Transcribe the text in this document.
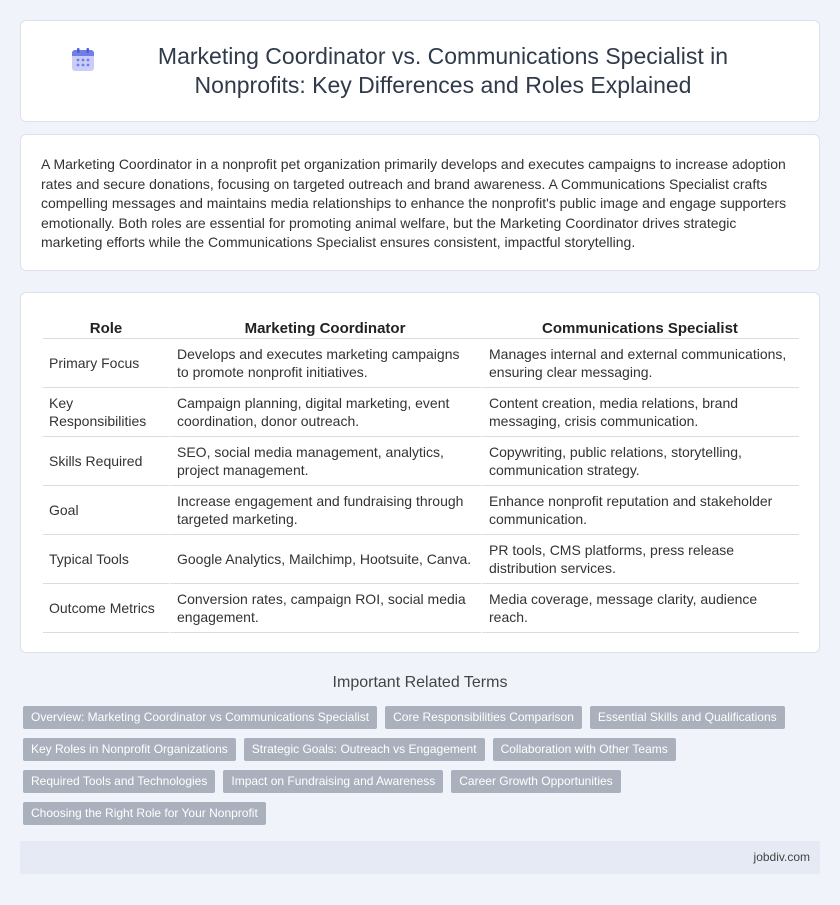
Marketing Coordinator vs. Communications Specialist in Nonprofits: Key Differences and Roles Explained

A Marketing Coordinator in a nonprofit pet organization primarily develops and executes campaigns to increase adoption rates and secure donations, focusing on targeted outreach and brand awareness. A Communications Specialist crafts compelling messages and maintains media relationships to enhance the nonprofit's public image and engage supporters emotionally. Both roles are essential for promoting animal welfare, but the Marketing Coordinator drives strategic marketing efforts while the Communications Specialist ensures consistent, impactful storytelling.

Role	Marketing Coordinator	Communications Specialist
Primary Focus	Develops and executes marketing campaigns to promote nonprofit initiatives.	Manages internal and external communications, ensuring clear messaging.
Key Responsibilities	Campaign planning, digital marketing, event coordination, donor outreach.	Content creation, media relations, brand messaging, crisis communication.
Skills Required	SEO, social media management, analytics, project management.	Copywriting, public relations, storytelling, communication strategy.
Goal	Increase engagement and fundraising through targeted marketing.	Enhance nonprofit reputation and stakeholder communication.
Typical Tools	Google Analytics, Mailchimp, Hootsuite, Canva.	PR tools, CMS platforms, press release distribution services.
Outcome Metrics	Conversion rates, campaign ROI, social media engagement.	Media coverage, message clarity, audience reach.
Important Related Terms
Overview: Marketing Coordinator vs Communications Specialist	Core Responsibilities Comparison	Essential Skills and Qualifications
Key Roles in Nonprofit Organizations	Strategic Goals: Outreach vs Engagement	Collaboration with Other Teams
Required Tools and Technologies	Impact on Fundraising and Awareness	Career Growth Opportunities
Choosing the Right Role for Your Nonprofit
jobdiv.com
